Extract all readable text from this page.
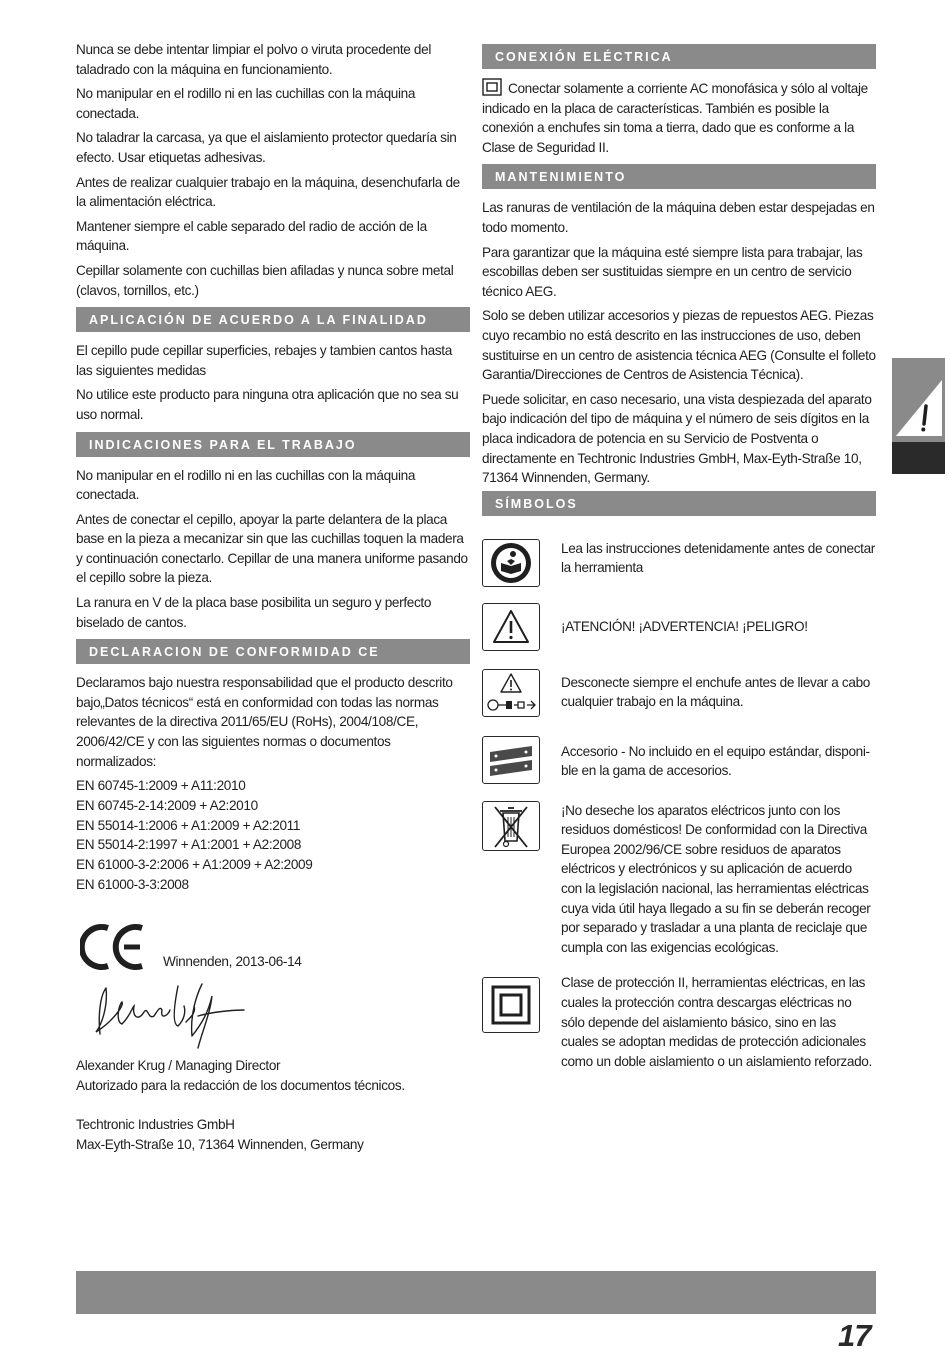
Nunca se debe intentar limpiar el polvo o viruta procedente del taladrado con la máquina en funcionamiento.

No manipular en el rodillo ni en las cuchillas con la máquina conectada.

No taladrar la carcasa, ya que el aislamiento protector quedaría sin efecto. Usar etiquetas adhesivas.

Antes de realizar cualquier trabajo en la máquina, desenchufarla de la alimentación eléctrica.

Mantener siempre el cable separado del radio de acción de la máquina.

Cepillar solamente con cuchillas bien afiladas y nunca sobre metal (clavos, tornillos, etc.)

APLICACIÓN DE ACUERDO A LA FINALIDAD

El cepillo pude cepillar superficies, rebajes y tambien cantos hasta las siguientes medidas

No utilice este producto para ninguna otra aplicación que no sea su uso normal.

INDICACIONES PARA EL TRABAJO

No manipular en el rodillo ni en las cuchillas con la máquina conectada.

Antes de conectar el cepillo, apoyar la parte delantera de la placa base en la pieza a mecanizar sin que las cuchillas toquen la madera y continuación conectarlo. Cepillar de una manera uniforme pasando el cepillo sobre la pieza.

La ranura en V de la placa base posibilita un seguro y perfecto biselado de cantos.

DECLARACION DE CONFORMIDAD CE

Declaramos bajo nuestra responsabilidad que el producto descrito bajo„Datos técnicos“ está en conformidad con todas las normas relevantes de la directiva 2011/65/EU (RoHs), 2004/108/CE, 2006/42/CE y con las siguientes normas o documentos normalizados:

EN 60745-1:2009 + A11:2010
EN 60745-2-14:2009 + A2:2010
EN 55014-1:2006 + A1:2009 + A2:2011
EN 55014-2:1997 + A1:2001 + A2:2008
EN 61000-3-2:2006 + A1:2009 + A2:2009
EN 61000-3-3:2008
Winnenden, 2013-06-14
Alexander Krug / Managing Director
Autorizado para la redacción de los documentos técnicos.
Techtronic Industries GmbH
Max-Eyth-Straße 10, 71364 Winnenden, Germany
CONEXIÓN ELÉCTRICA

Conectar solamente a corriente AC monofásica y sólo al voltaje indicado en la placa de características. También es posible la conexión a enchufes sin toma a tierra, dado que es conforme a la Clase de Seguridad II.

MANTENIMIENTO

Las ranuras de ventilación de la máquina deben estar despejadas en todo momento.

Para garantizar que la máquina esté siempre lista para trabajar, las escobillas deben ser sustituidas siempre en un centro de servicio técnico AEG.

Solo se deben utilizar accesorios y piezas de repuestos AEG. Piezas cuyo recambio no está descrito en las instrucciones de uso, deben sustituirse en un centro de asistencia técnica AEG (Consulte el folleto Garantia/Direcciones de Centros de Asistencia Técnica).

Puede solicitar, en caso necesario, una vista despiezada del aparato bajo indicación del tipo de máquina y el número de seis dígitos en la placa indicadora de potencia en su Servicio de Postventa o directamente en Techtronic Industries GmbH, Max-Eyth-Straße 10, 71364 Winnenden, Germany.

SÍMBOLOS

Lea las instrucciones detenidamente antes de conectar la herramienta

¡ATENCIÓN! ¡ADVERTENCIA! ¡PELIGRO!

Desconecte siempre el enchufe antes de llevar a cabo cualquier trabajo en la máquina.

Accesorio - No incluido en el equipo estándar, disponi-ble en la gama de accesorios.

¡No deseche los aparatos eléctricos junto con los residuos domésticos! De conformidad con la Directiva Europea 2002/96/CE sobre residuos de aparatos eléctricos y electrónicos y su aplicación de acuerdo con la legislación nacional, las herramientas eléctricas cuya vida útil haya llegado a su fin se deberán recoger por separado y trasladar a una planta de reciclaje que cumpla con las exigencias ecológicas.

Clase de protección II, herramientas eléctricas, en las cuales la protección contra descargas eléctricas no sólo depende del aislamiento básico, sino en las cuales se adoptan medidas de protección adicionales como un doble aislamiento o un aislamiento reforzado.

17
